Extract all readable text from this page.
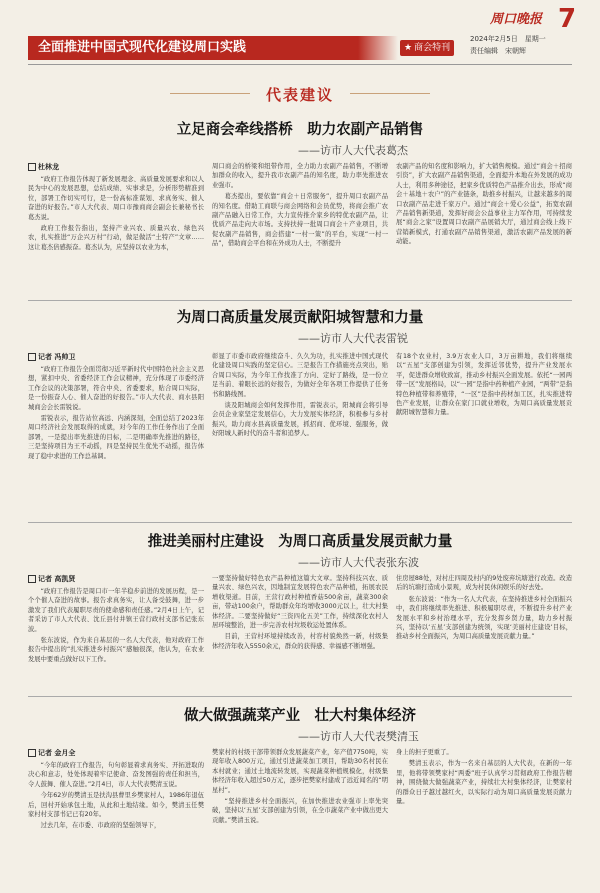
全面推进中国式现代化建设周口实践	★ 商会特刊
周口晚报 7
2024年2月5日　星期一
责任编辑　宋朝辉
代表建议
立足商会牵线搭桥　助力农副产品销售
——访市人大代表葛杰
杜林龙

“政府工作报告体现了新发展理念、高质量发展要求和以人民为中心的发展思想，总结成绩、实事求是，分析形势精准到位，部署工作切实可行，是一份高标准谋划、求真务实、催人奋进的好报告。”市人大代表、周口市豫商商会副会长兼秘书长葛杰说。

政府工作报告指出，坚持产业兴农、质量兴农、绿色兴农，扎实推进“万企兴万村”行动，做足做活“土特产”文章……这让葛杰倍感振奋。葛杰认为，应坚持以农业为本，

周口商会的桥梁和纽带作用，全力助力农副产品销售，不断增加群众的收入，提升我市农副产品的知名度，助力率先推进农业强市。

葛杰提出，要依靠“商会＋日常服务”，提升周口农副产品的知名度。借助工商联与商会网络和会员优势，将商会推广农副产品融入日常工作，大力宣传推介家乡的特优农副产品，让优质产品走向大市场。支持扶持一批周口商会＋产业项目，共促农副产品销售，商会搭建“一村一策”的平台，实现“一村一品”，借助商会平台和在外成功人士，不断提升

农副产品的知名度和影响力，扩大销售规模。通过“商会＋招商引资”，扩大农副产品销售渠道，全面提升本地在外发展的成功人士，利用多种途径，把家乡优质特色产品推介出去，形成“商会＋基地＋农户”的产业链条，助推乡村振兴，让越来越多的周口农副产品走进千家万户。通过“商会＋爱心公益”，拓宽农副产品销售新渠道，发挥好商会公益事业主力军作用，可持续发展“商会之家”设置周口农副产品展销大厅，通过商会线上线下营销新模式，打通农副产品销售渠道，激活农副产品发展的新动能。

为周口高质量发展贡献阳城智慧和力量
——访市人大代表雷锐
记者 冯帅卫

“政府工作报告全面贯彻习近平新时代中国特色社会主义思想，紧扣中央、省委经济工作会议精神，充分体现了市委经济工作会议的决策部署，符合中央、省委要求，贴合周口实际，是一份振奋人心、催人奋进的好报告。”市人大代表、商水县阳城商会会长雷锐说。

雷锐表示，报告站位高远、内涵深刻，全面总结了2023年周口经济社会发展取得的成就，对今年的工作任务作出了全面部署，一是提出率先推进的目标，二是明确率先推进的路径，三是坚持项目为王不动摇，四是坚持民生优先不动摇，报告体现了稳中求进的工作总基调。

彰显了市委市政府继续奋斗、久久为功，扎实推进中国式现代化建设周口实践的坚定信心。三是报告工作措施亮点突出，贴合周口实际，为今年工作找准了方向、定好了路线，是一份立足当前、着眼长远的好报告，为做好全年各项工作提供了任务书和路线图。

谈及阳城商会如何发挥作用，雷锐表示，阳城商会将引导会员企业家坚定发展信心，大力发展实体经济，积极参与乡村振兴，助力商水县高质量发展，抓招商、优环境、强服务，做好阳城人新时代的奋斗者和追梦人。

有18个农业村，3.9万农业人口，3万亩耕地，我们将继续以“五星”支部创建为引领，发挥近邻优势，提升产业发展水平，促进群众增收致富，推动乡村振兴全面发展。依托“一园两带一区”发展格局，以“一园”是指中药种植产业园，“两带”是指特色种植带和养殖带，“一区”是指中药材加工区，扎实推进特色产业发展，让群众在家门口就业增收，为周口高质量发展贡献阳城智慧和力量。

推进美丽村庄建设　为周口高质量发展贡献力量
——访市人大代表张东波
记者 高凯贤

“政府工作报告是周口市一年半稳步前进的发展历程，是一个个催人奋进的故事。报告求真务实，让人备受鼓舞，进一步激发了我们代表履职尽责的使命感和责任感。”2月4日上午，记者采访了市人大代表、沈丘县付井镇王营行政村支部书记张东波。

张东波说，作为来自基层的一名人大代表，他对政府工作报告中提出的“扎实推进乡村振兴”感触很深，他认为，在农业发展中要重点做好以下工作。

一要坚持做好特色农产品种植这篇大文章。坚持科技兴农、质量兴农、绿色兴农，因地制宜发展特色农产品种植，拓展农民增收渠道。目前，王营行政村种植香菇500余亩，蔬菜300余亩，带动100余户，帮助群众年均增收3000元以上，壮大村集体经济。二要坚持做好“三资四化五美”工作，持续深化农村人居环境整治，进一步完善农村垃圾收运处置体系。

目前，王营村环境持续改善，村容村貌焕然一新，村级集体经济年收入5550余元，群众的获得感、幸福感不断增强。

住房屋88处，对村庄四周及村内的9处废弃坑塘进行改造。改造后的坑塘打造成小景观，成为村民休闲娱乐的好去处。

张东波说：“作为一名人大代表，在坚持推进乡村全面振兴中，我们将继续率先推进、积极履职尽责，不断提升乡村产业发展水平和乡村治理水平，充分发挥乡贤力量，助力乡村振兴，坚持以‘五星’支部创建为统领，实现‘美丽村庄建设’目标，推动乡村全面振兴，为周口高质量发展贡献力量。”

做大做强蔬菜产业　壮大村集体经济
——访市人大代表樊清玉
记者 金月全

“今年的政府工作报告，句句彰显着求真务实、开拓进取的决心和意志，处处体现着牢记使命、奋发图强的责任和担当，令人鼓舞、催人奋进。”2月4日，市人大代表樊清玉说。

今年62岁的樊清玉是扶沟县曹里乡樊家村人，1986年退伍后，回村开始承包土地，从此和土地结缘。如今，樊清玉任樊家村村支部书记已有20年。

过去几年，在市委、市政府的坚强领导下，

樊家村的村级干部带领群众发展蔬菜产业，年产值7750吨，实现年收入800万元，通过引进蔬菜加工项目，帮助30名村民在本村就业；通过土地流转发展，实现蔬菜种植规模化，村级集体经济年收入超过50万元，逐步把樊家村建成了远近闻名的“明星村”。

“坚持推进乡村全面振兴，在加快推进农业强市上率先突破，坚持以‘五星’支部创建为引领，在全市蔬菜产业中做出更大贡献。”樊清玉说。

身上的担子更重了。

樊清玉表示，作为一名来自基层的人大代表，在新的一年里，他将带领樊家村“两委”班子认真学习贯彻政府工作报告精神，围绕做大做强蔬菜产业，持续壮大村集体经济，让樊家村的群众日子越过越红火，以实际行动为周口高质量发展贡献力量。
